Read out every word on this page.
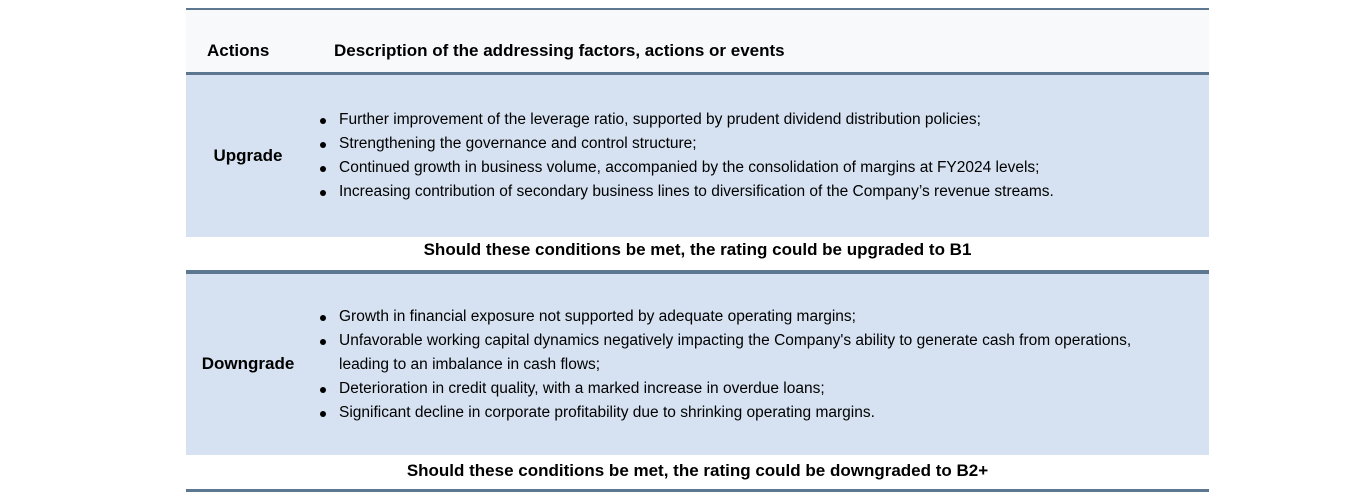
Actions	Description of the addressing factors, actions or events
Upgrade
Further improvement of the leverage ratio, supported by prudent dividend distribution policies;
Strengthening the governance and control structure;
Continued growth in business volume, accompanied by the consolidation of margins at FY2024 levels;
Increasing contribution of secondary business lines to diversification of the Company’s revenue streams.
Should these conditions be met, the rating could be upgraded to B1
Downgrade
Growth in financial exposure not supported by adequate operating margins;
Unfavorable working capital dynamics negatively impacting the Company's ability to generate cash from operations, leading to an imbalance in cash flows;
Deterioration in credit quality, with a marked increase in overdue loans;
Significant decline in corporate profitability due to shrinking operating margins.
Should these conditions be met, the rating could be downgraded to B2+
